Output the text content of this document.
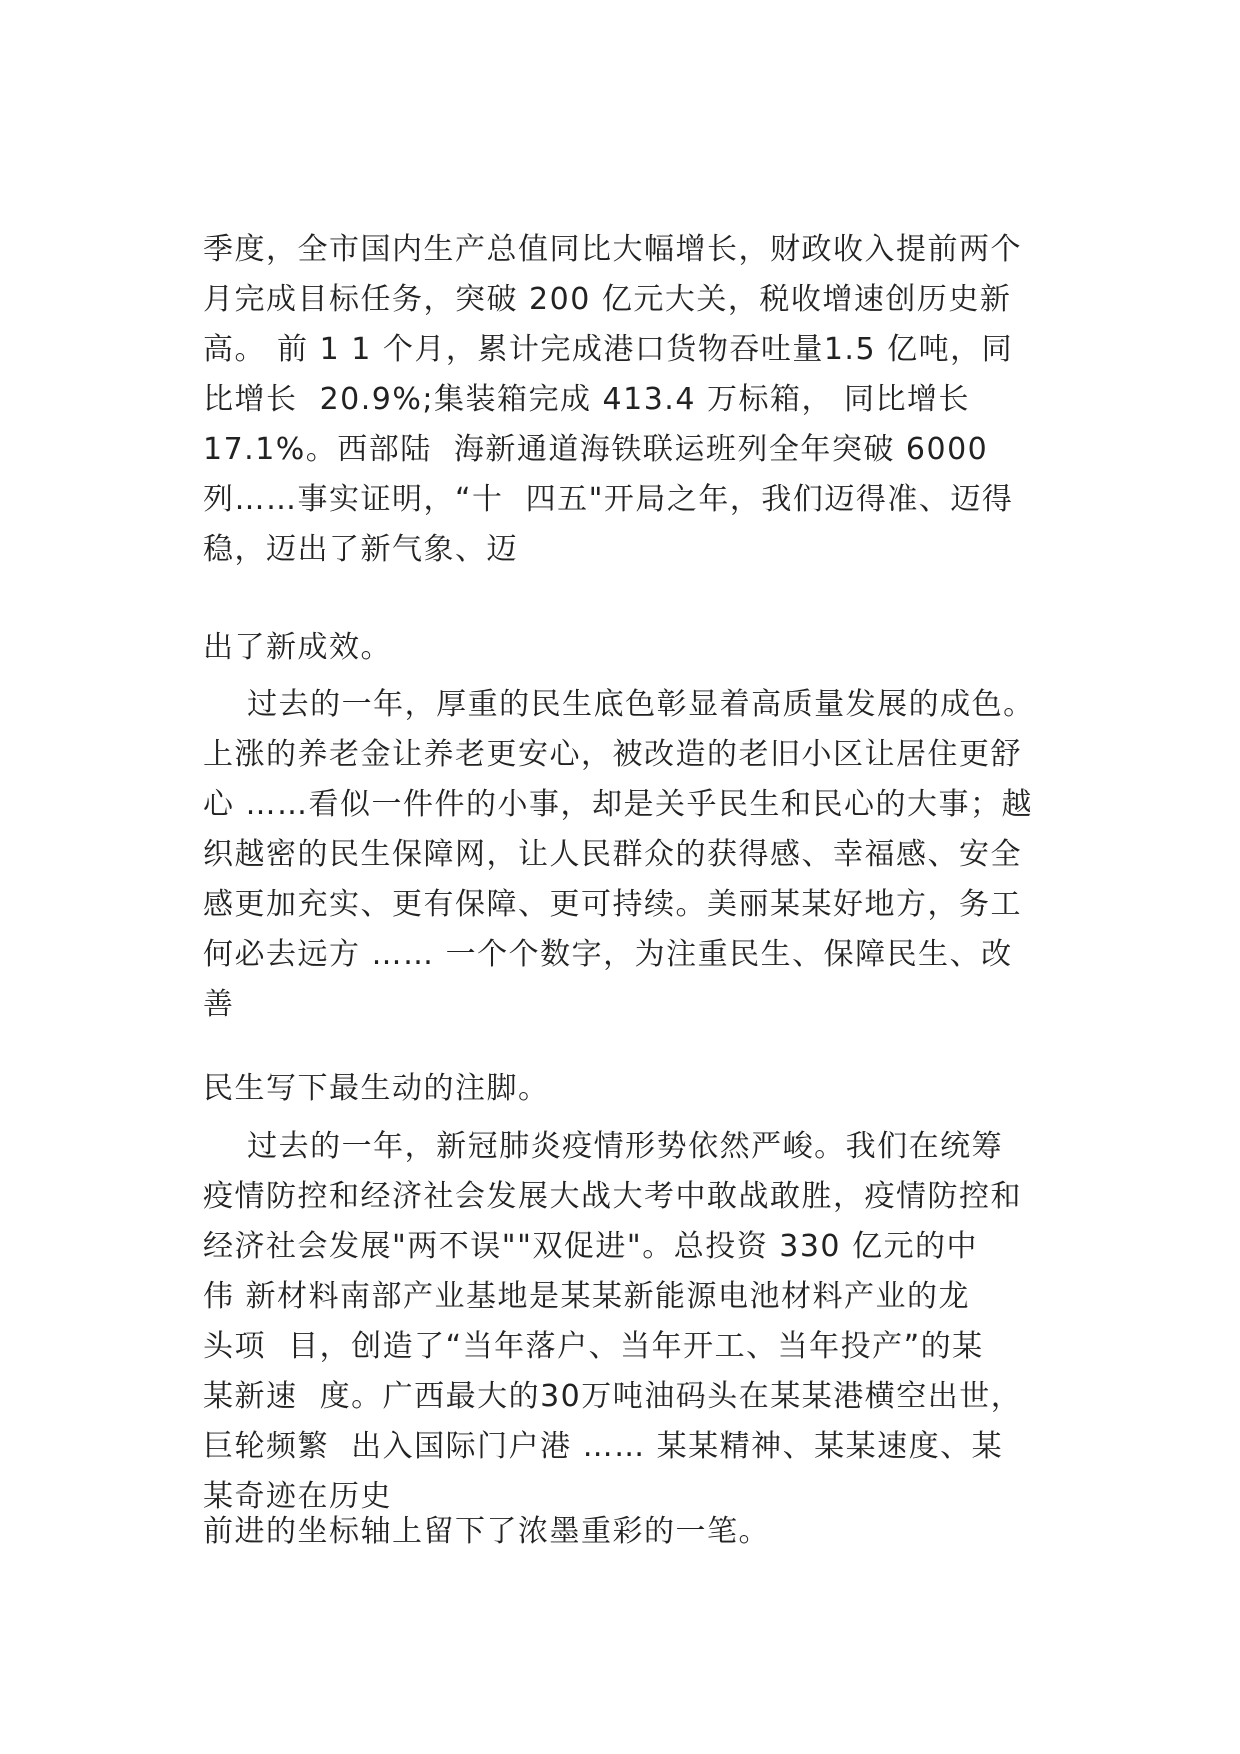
季度，全市国内生产总值同比大幅增长，财政收入提前两个
月完成目标任务，突破 200 亿元大关，税收增速创历史新
高。 前 1 1 个月，累计完成港口货物吞吐量1.5 亿吨，同
比增长  20.9%;集装箱完成 413.4 万标箱， 同比增长
17.1%。西部陆  海新通道海铁联运班列全年突破 6000
列……事实证明，“十  四五"开局之年，我们迈得准、迈得
稳，迈出了新气象、迈

出了新成效。

过去的一年，厚重的民生底色彰显着高质量发展的成色。
上涨的养老金让养老更安心，被改造的老旧小区让居住更舒
心 ……看似一件件的小事，却是关乎民生和民心的大事；越
织越密的民生保障网，让人民群众的获得感、幸福感、安全
感更加充实、更有保障、更可持续。美丽某某好地方，务工
何必去远方 …… 一个个数字，为注重民生、保障民生、改
善

民生写下最生动的注脚。

过去的一年，新冠肺炎疫情形势依然严峻。我们在统筹
疫情防控和经济社会发展大战大考中敢战敢胜，疫情防控和
经济社会发展"两不误""双促进"。总投资 330 亿元的中
伟 新材料南部产业基地是某某新能源电池材料产业的龙
头项  目，创造了“当年落户、当年开工、当年投产”的某
某新速  度。广西最大的30万吨油码头在某某港横空出世，
巨轮频繁  出入国际门户港 …… 某某精神、某某速度、某
某奇迹在历史

前进的坐标轴上留下了浓墨重彩的一笔。
